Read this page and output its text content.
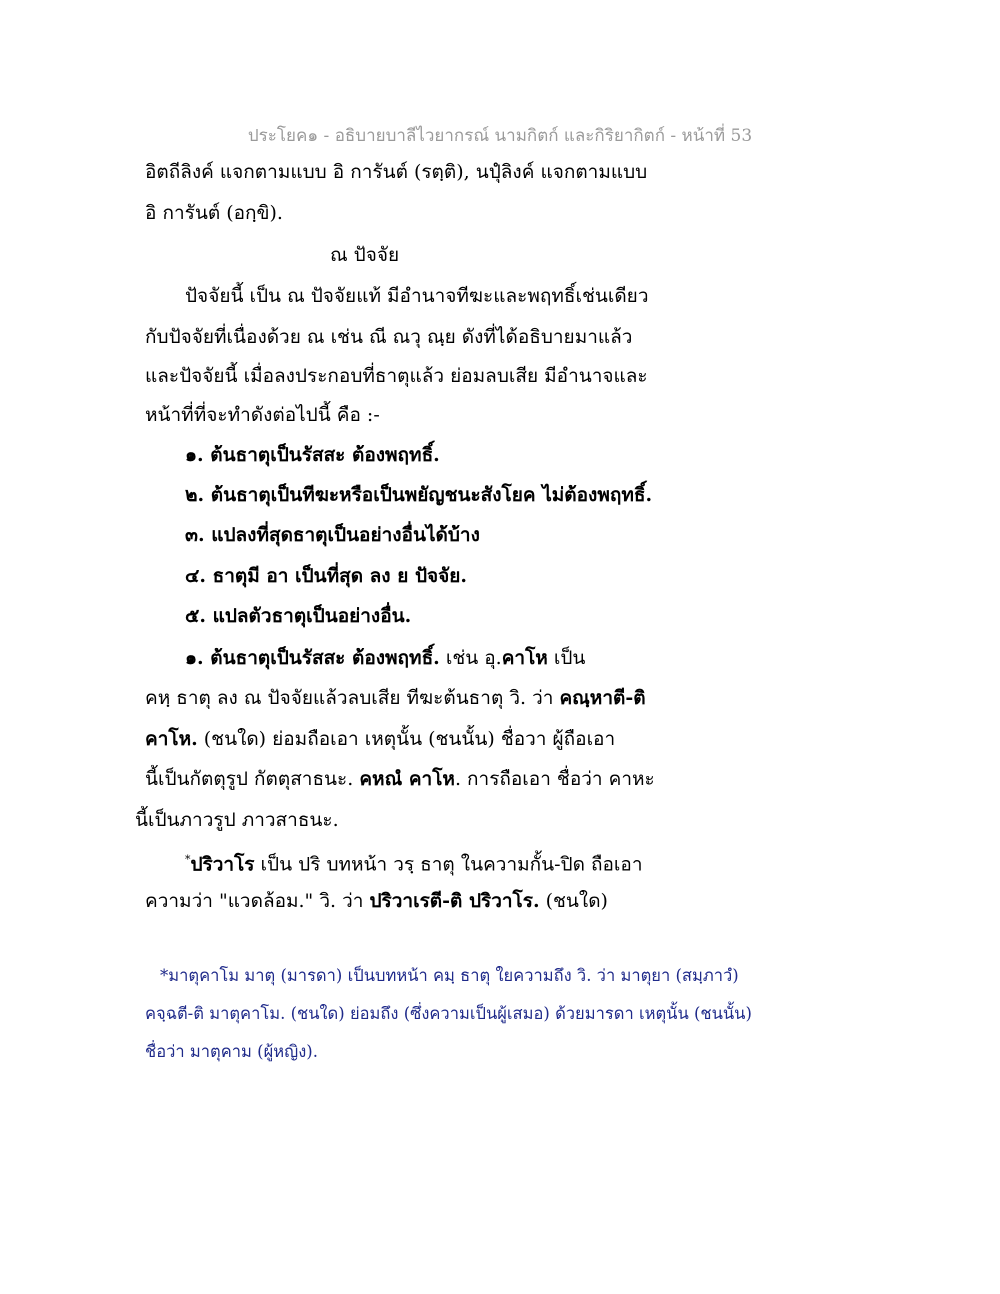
ประโยค๑ - อธิบายบาลีไวยากรณ์ นามกิตก์ และกิริยากิตก์ - หน้าที่ 53
อิตถีลิงค์ แจกตามแบบ อิ การันต์ (รตฺติ), นปุํลิงค์ แจกตามแบบ
อิ การันต์ (อกฺขิ).
ณ ปัจจัย
ปัจจัยนี้ เป็น ณ ปัจจัยแท้ มีอำนาจทีฆะและพฤทธิ์เช่นเดียว
กับปัจจัยที่เนื่องด้วย ณ เช่น ณี ณวุ ณฺย ดังที่ได้อธิบายมาแล้ว
และปัจจัยนี้ เมื่อลงประกอบที่ธาตุแล้ว ย่อมลบเสีย มีอำนาจและ
หน้าที่ที่จะทำดังต่อไปนี้ คือ :-
๑. ต้นธาตุเป็นรัสสะ ต้องพฤทธิ์.
๒. ต้นธาตุเป็นทีฆะหรือเป็นพยัญชนะสังโยค ไม่ต้องพฤทธิ์.
๓. แปลงที่สุดธาตุเป็นอย่างอื่นได้บ้าง
๔. ธาตุมี อา เป็นที่สุด ลง ย ปัจจัย.
๕. แปลตัวธาตุเป็นอย่างอื่น.
๑. ต้นธาตุเป็นรัสสะ ต้องพฤทธิ์. เช่น อุ.คาโห เป็น
คหฺ ธาตุ ลง ณ ปัจจัยแล้วลบเสีย ทีฆะต้นธาตุ วิ. ว่า คณฺหาตี-ติ
คาโห. (ชนใด) ย่อมถือเอา เหตุนั้น (ชนนั้น) ชื่อวา ผู้ถือเอา
นี้เป็นกัตตุรูป กัตตุสาธนะ. คหณํ คาโห. การถือเอา ชื่อว่า คาหะ
นี้เป็นภาวรูป ภาวสาธนะ.
*ปริวาโร เป็น ปริ บทหน้า วรฺ ธาตุ ในความกั้น-ปิด ถือเอา
ความว่า "แวดล้อม." วิ. ว่า ปริวาเรตี-ติ ปริวาโร. (ชนใด)
*มาตุคาโม มาตุ (มารดา) เป็นบทหน้า คมฺ ธาตุ ใยความถึง วิ. ว่า มาตุยา (สมฺภาวํ)
คจฺฉตี-ติ มาตุคาโม. (ชนใด) ย่อมถึง (ซึ่งความเป็นผู้เสมอ) ด้วยมารดา เหตุนั้น (ชนนั้น)
ชื่อว่า มาตุคาม (ผู้หญิง).
